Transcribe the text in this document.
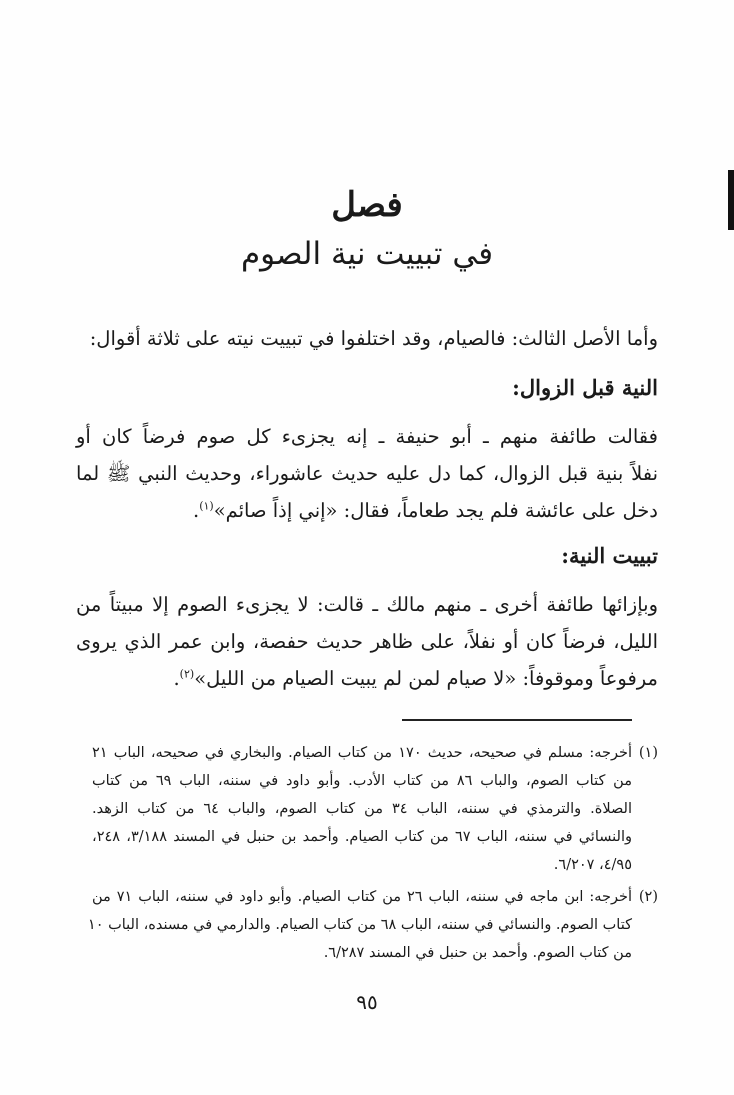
فصل
في تبييت نية الصوم
وأما الأصل الثالث: فالصيام، وقد اختلفوا في تبييت نيته على ثلاثة أقوال:
النية قبل الزوال:
فقالت طائفة منهم ـ أبو حنيفة ـ إنه يجزىء كل صوم فرضاً كان أو
نفلاً بنية قبل الزوال، كما دل عليه حديث عاشوراء، وحديث النبي ﷺ لما
دخل على عائشة فلم يجد طعاماً، فقال: «إني إذاً صائم»$^{(١)}$.
تبييت النية:
وبإزائها طائفة أخرى ـ منهم مالك ـ قالت: لا يجزىء الصوم إلا مبيتاً من
الليل، فرضاً كان أو نفلاً، على ظاهر حديث حفصة، وابن عمر الذي يروى
مرفوعاً وموقوفاً: «لا صيام لمن لم يبيت الصيام من الليل»$^{(٢)}$.
(١)
أخرجه: مسلم في صحيحه، حديث ١٧٠ من كتاب الصيام. والبخاري في صحيحه، الباب ٢١
من كتاب الصوم، والباب ٨٦ من كتاب الأدب. وأبو داود في سننه، الباب ٦٩ من كتاب
الصلاة. والترمذي في سننه، الباب ٣٤ من كتاب الصوم، والباب ٦٤ من كتاب الزهد.
والنسائي في سننه، الباب ٦٧ من كتاب الصيام. وأحمد بن حنبل في المسند ٣/١٨٨، ٢٤٨،
٤/٩٥، ٦/٢٠٧.
(٢)
أخرجه: ابن ماجه في سننه، الباب ٢٦ من كتاب الصيام. وأبو داود في سننه، الباب ٧١ من
كتاب الصوم. والنسائي في سننه، الباب ٦٨ من كتاب الصيام. والدارمي في مسنده، الباب ١٠
من كتاب الصوم. وأحمد بن حنبل في المسند ٦/٢٨٧.
٩٥
